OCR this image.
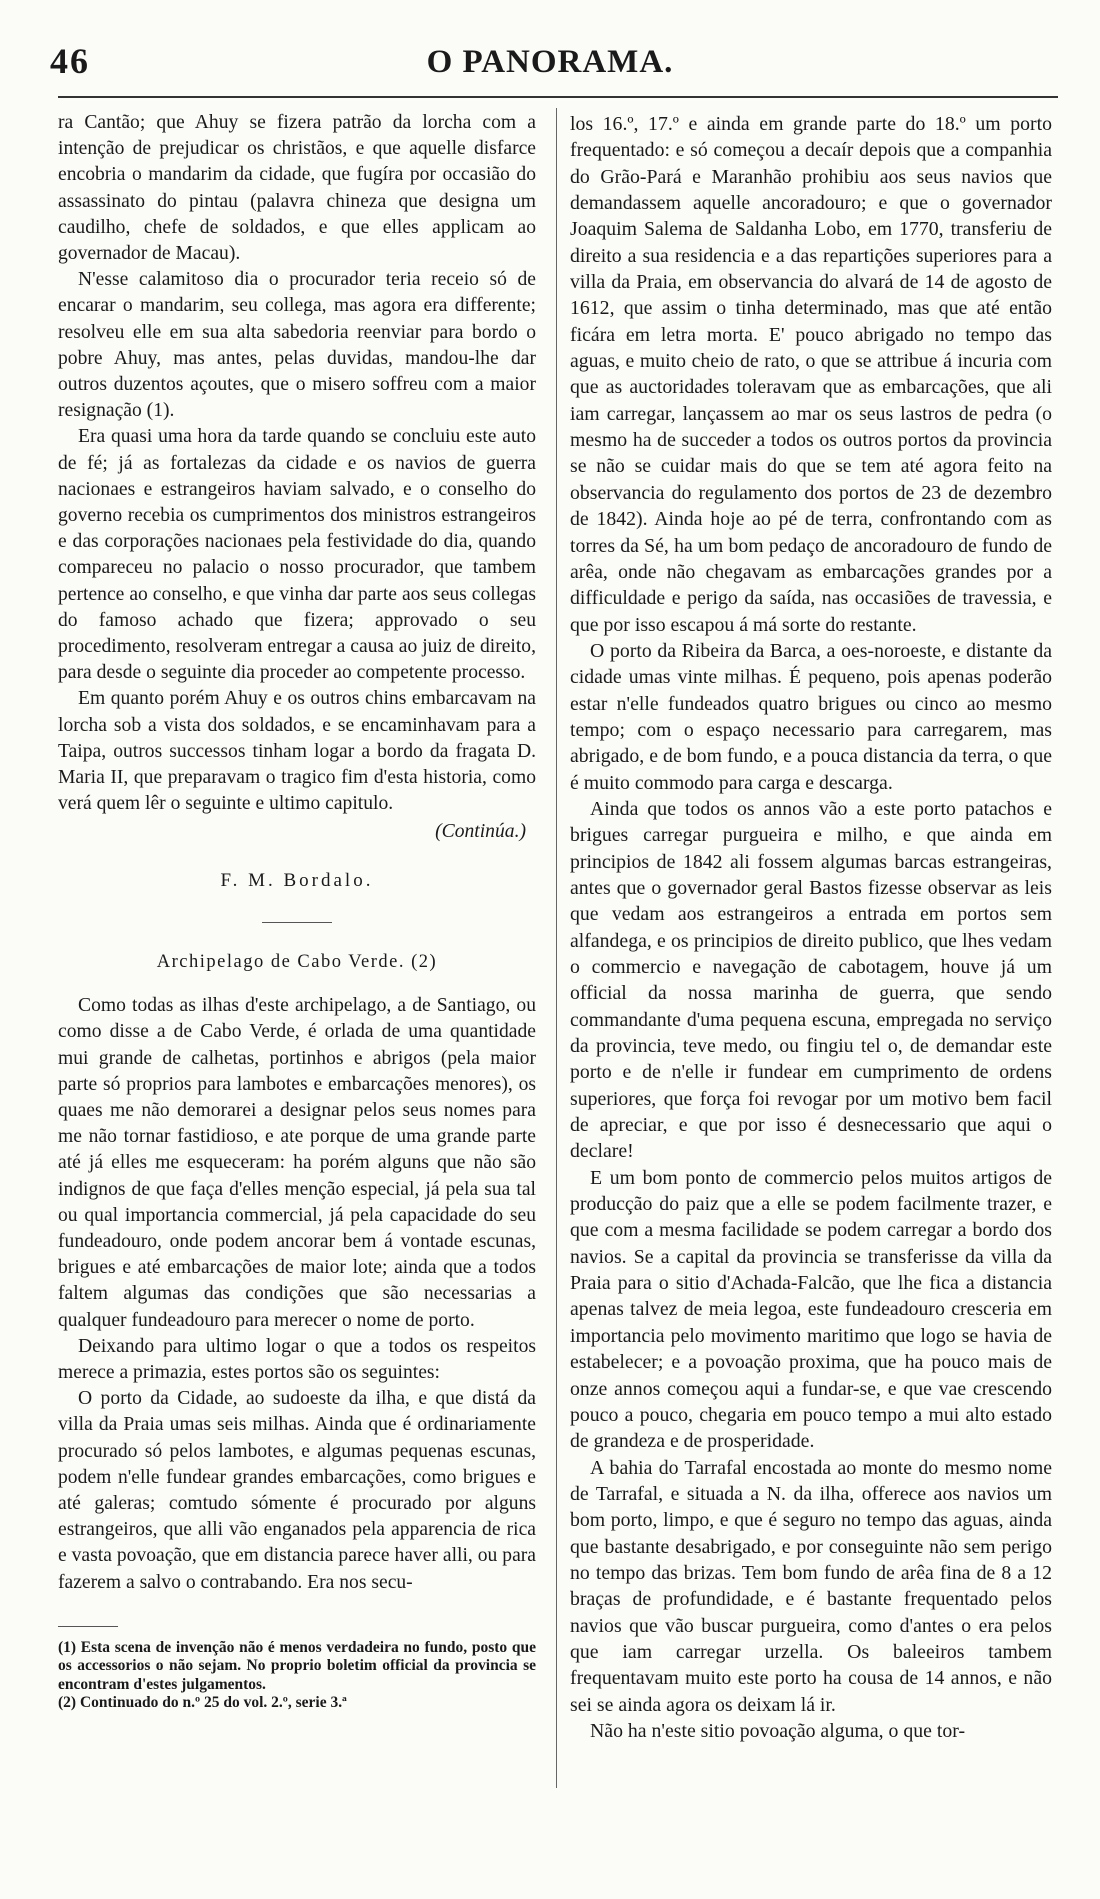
46	O PANORAMA.

ra Cantão; que Ahuy se fizera patrão da lorcha com a intenção de prejudicar os christãos, e que aquelle disfarce encobria o mandarim da cidade, que fugíra por occasião do assassinato do pintau (palavra chineza que designa um caudilho, chefe de soldados, e que elles applicam ao governador de Macau).

N'esse calamitoso dia o procurador teria receio só de encarar o mandarim, seu collega, mas agora era differente; resolveu elle em sua alta sabedoria reenviar para bordo o pobre Ahuy, mas antes, pelas duvidas, mandou-lhe dar outros duzentos açoutes, que o misero soffreu com a maior resignação (1).

Era quasi uma hora da tarde quando se concluiu este auto de fé; já as fortalezas da cidade e os navios de guerra nacionaes e estrangeiros haviam salvado, e o conselho do governo recebia os cumprimentos dos ministros estrangeiros e das corporações nacionaes pela festividade do dia, quando compareceu no palacio o nosso procurador, que tambem pertence ao conselho, e que vinha dar parte aos seus collegas do famoso achado que fizera; approvado o seu procedimento, resolveram entregar a causa ao juiz de direito, para desde o seguinte dia proceder ao competente processo.

Em quanto porém Ahuy e os outros chins embarcavam na lorcha sob a vista dos soldados, e se encaminhavam para a Taipa, outros successos tinham logar a bordo da fragata D. Maria II, que preparavam o tragico fim d'esta historia, como verá quem lêr o seguinte e ultimo capitulo.

(Continúa.)

F. M. Bordalo.

Archipelago de Cabo Verde. (2)

Como todas as ilhas d'este archipelago, a de Santiago, ou como disse a de Cabo Verde, é orlada de uma quantidade mui grande de calhetas, portinhos e abrigos (pela maior parte só proprios para lambotes e embarcações menores), os quaes me não demorarei a designar pelos seus nomes para me não tornar fastidioso, e ate porque de uma grande parte até já elles me esqueceram: ha porém alguns que não são indignos de que faça d'elles menção especial, já pela sua tal ou qual importancia commercial, já pela capacidade do seu fundeadouro, onde podem ancorar bem á vontade escunas, brigues e até embarcações de maior lote; ainda que a todos faltem algumas das condições que são necessarias a qualquer fundeadouro para merecer o nome de porto.

Deixando para ultimo logar o que a todos os respeitos merece a primazia, estes portos são os seguintes:

O porto da Cidade, ao sudoeste da ilha, e que distá da villa da Praia umas seis milhas. Ainda que é ordinariamente procurado só pelos lambotes, e algumas pequenas escunas, podem n'elle fundear grandes embarcações, como brigues e até galeras; comtudo sómente é procurado por alguns estrangeiros, que alli vão enganados pela apparencia de rica e vasta povoação, que em distancia parece haver alli, ou para fazerem a salvo o contrabando. Era nos secu-

(1) Esta scena de invenção não é menos verdadeira no fundo, posto que os accessorios o não sejam. No proprio boletim official da provincia se encontram d'estes julgamentos.

(2) Continuado do n.º 25 do vol. 2.º, serie 3.ª

los 16.º, 17.º e ainda em grande parte do 18.º um porto frequentado: e só começou a decaír depois que a companhia do Grão-Pará e Maranhão prohibiu aos seus navios que demandassem aquelle ancoradouro; e que o governador Joaquim Salema de Saldanha Lobo, em 1770, transferiu de direito a sua residencia e a das repartições superiores para a villa da Praia, em observancia do alvará de 14 de agosto de 1612, que assim o tinha determinado, mas que até então ficára em letra morta. E' pouco abrigado no tempo das aguas, e muito cheio de rato, o que se attribue á incuria com que as auctoridades toleravam que as embarcações, que ali iam carregar, lançassem ao mar os seus lastros de pedra (o mesmo ha de succeder a todos os outros portos da provincia se não se cuidar mais do que se tem até agora feito na observancia do regulamento dos portos de 23 de dezembro de 1842). Ainda hoje ao pé de terra, confrontando com as torres da Sé, ha um bom pedaço de ancoradouro de fundo de arêa, onde não chegavam as embarcações grandes por a difficuldade e perigo da saída, nas occasiões de travessia, e que por isso escapou á má sorte do restante.

O porto da Ribeira da Barca, a oes-noroeste, e distante da cidade umas vinte milhas. É pequeno, pois apenas poderão estar n'elle fundeados quatro brigues ou cinco ao mesmo tempo; com o espaço necessario para carregarem, mas abrigado, e de bom fundo, e a pouca distancia da terra, o que é muito commodo para carga e descarga.

Ainda que todos os annos vão a este porto patachos e brigues carregar purgueira e milho, e que ainda em principios de 1842 ali fossem algumas barcas estrangeiras, antes que o governador geral Bastos fizesse observar as leis que vedam aos estrangeiros a entrada em portos sem alfandega, e os principios de direito publico, que lhes vedam o commercio e navegação de cabotagem, houve já um official da nossa marinha de guerra, que sendo commandante d'uma pequena escuna, empregada no serviço da provincia, teve medo, ou fingiu tel o, de demandar este porto e de n'elle ir fundear em cumprimento de ordens superiores, que força foi revogar por um motivo bem facil de apreciar, e que por isso é desnecessario que aqui o declare!

E um bom ponto de commercio pelos muitos artigos de producção do paiz que a elle se podem facilmente trazer, e que com a mesma facilidade se podem carregar a bordo dos navios. Se a capital da provincia se transferisse da villa da Praia para o sitio d'Achada-Falcão, que lhe fica a distancia apenas talvez de meia legoa, este fundeadouro cresceria em importancia pelo movimento maritimo que logo se havia de estabelecer; e a povoação proxima, que ha pouco mais de onze annos começou aqui a fundar-se, e que vae crescendo pouco a pouco, chegaria em pouco tempo a mui alto estado de grandeza e de prosperidade.

A bahia do Tarrafal encostada ao monte do mesmo nome de Tarrafal, e situada a N. da ilha, offerece aos navios um bom porto, limpo, e que é seguro no tempo das aguas, ainda que bastante desabrigado, e por conseguinte não sem perigo no tempo das brizas. Tem bom fundo de arêa fina de 8 a 12 braças de profundidade, e é bastante frequentado pelos navios que vão buscar purgueira, como d'antes o era pelos que iam carregar urzella. Os baleeiros tambem frequentavam muito este porto ha cousa de 14 annos, e não sei se ainda agora os deixam lá ir.

Não ha n'este sitio povoação alguma, o que tor-
